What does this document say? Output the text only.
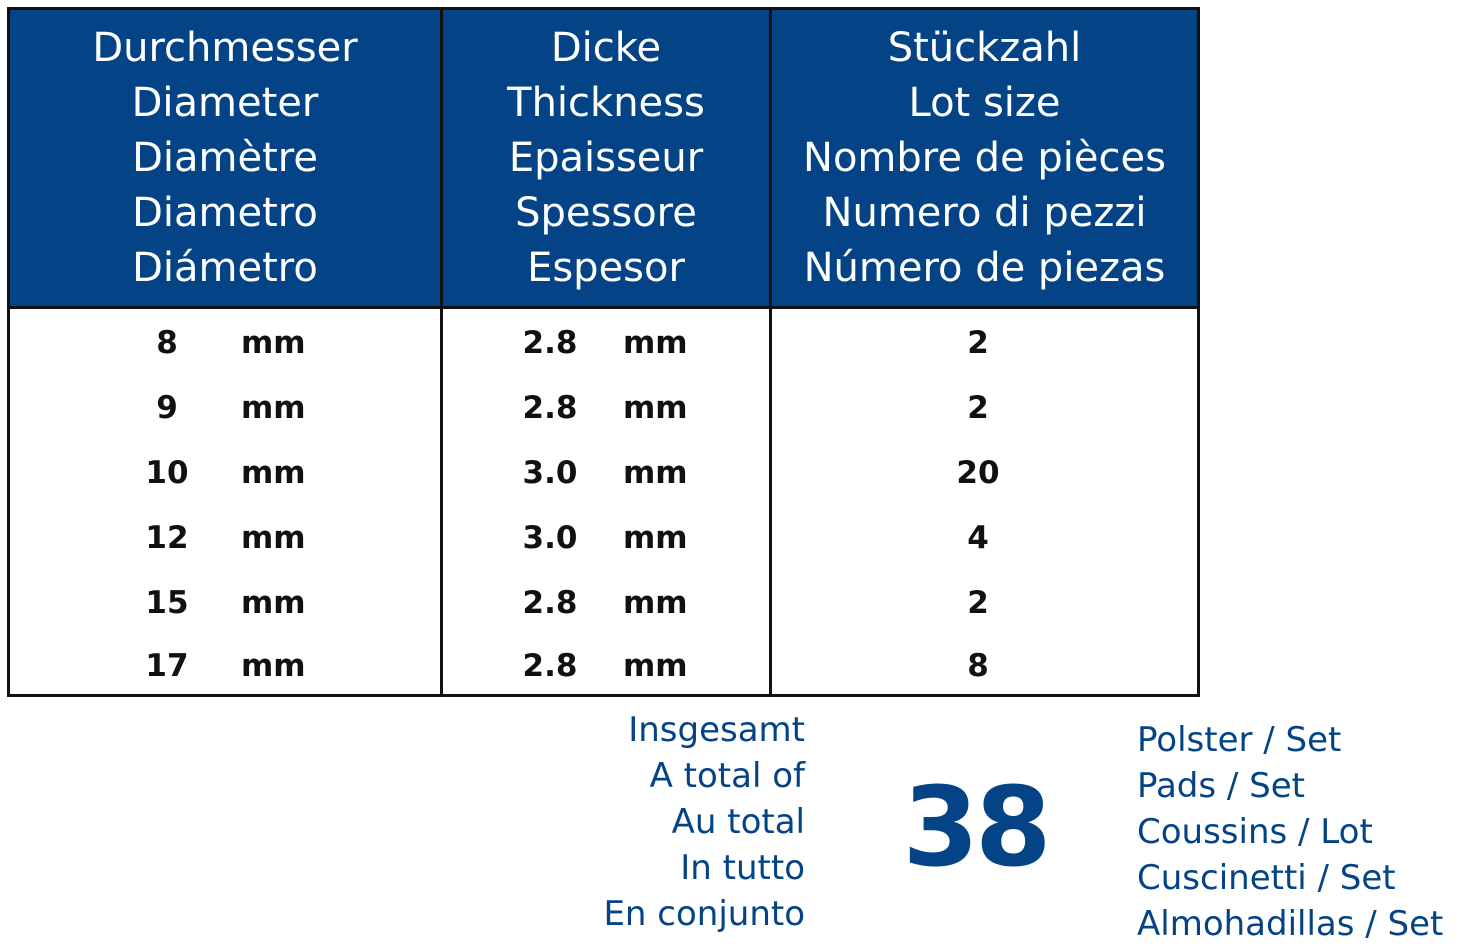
Durchmesser
Diameter
Diamètre
Diametro
Diámetro
Dicke
Thickness
Epaisseur
Spessore
Espesor
Stückzahl
Lot size
Nombre de pièces
Numero di pezzi
Número de piezas
8	mm	2.8	mm	2
9	mm	2.8	mm	2
10	mm	3.0	mm	20
12	mm	3.0	mm	4
15	mm	2.8	mm	2
17	mm	2.8	mm	8
Insgesamt
A total of
Au total
In tutto
En conjunto
38
Polster / Set
Pads / Set
Coussins / Lot
Cuscinetti / Set
Almohadillas / Set
